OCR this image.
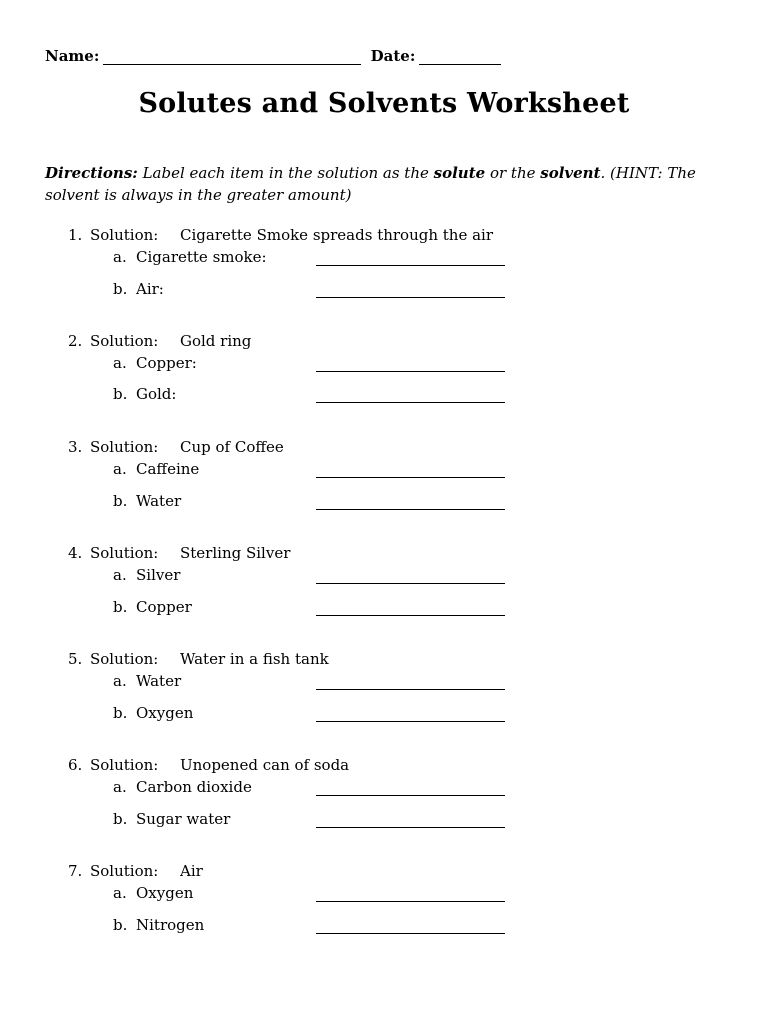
Name:	Date:
Solutes and Solvents Worksheet
Directions: Label each item in the solution as the solute or the solvent. (HINT: The solvent is always in the greater amount)
1. Solution: Cigarette Smoke spreads through the air
a. Cigarette smoke:
b. Air:
2. Solution: Gold ring
a. Copper:
b. Gold:
3. Solution: Cup of Coffee
a. Caffeine
b. Water
4. Solution: Sterling Silver
a. Silver
b. Copper
5. Solution: Water in a fish tank
a. Water
b. Oxygen
6. Solution: Unopened can of soda
a. Carbon dioxide
b. Sugar water
7. Solution: Air
a. Oxygen
b. Nitrogen
